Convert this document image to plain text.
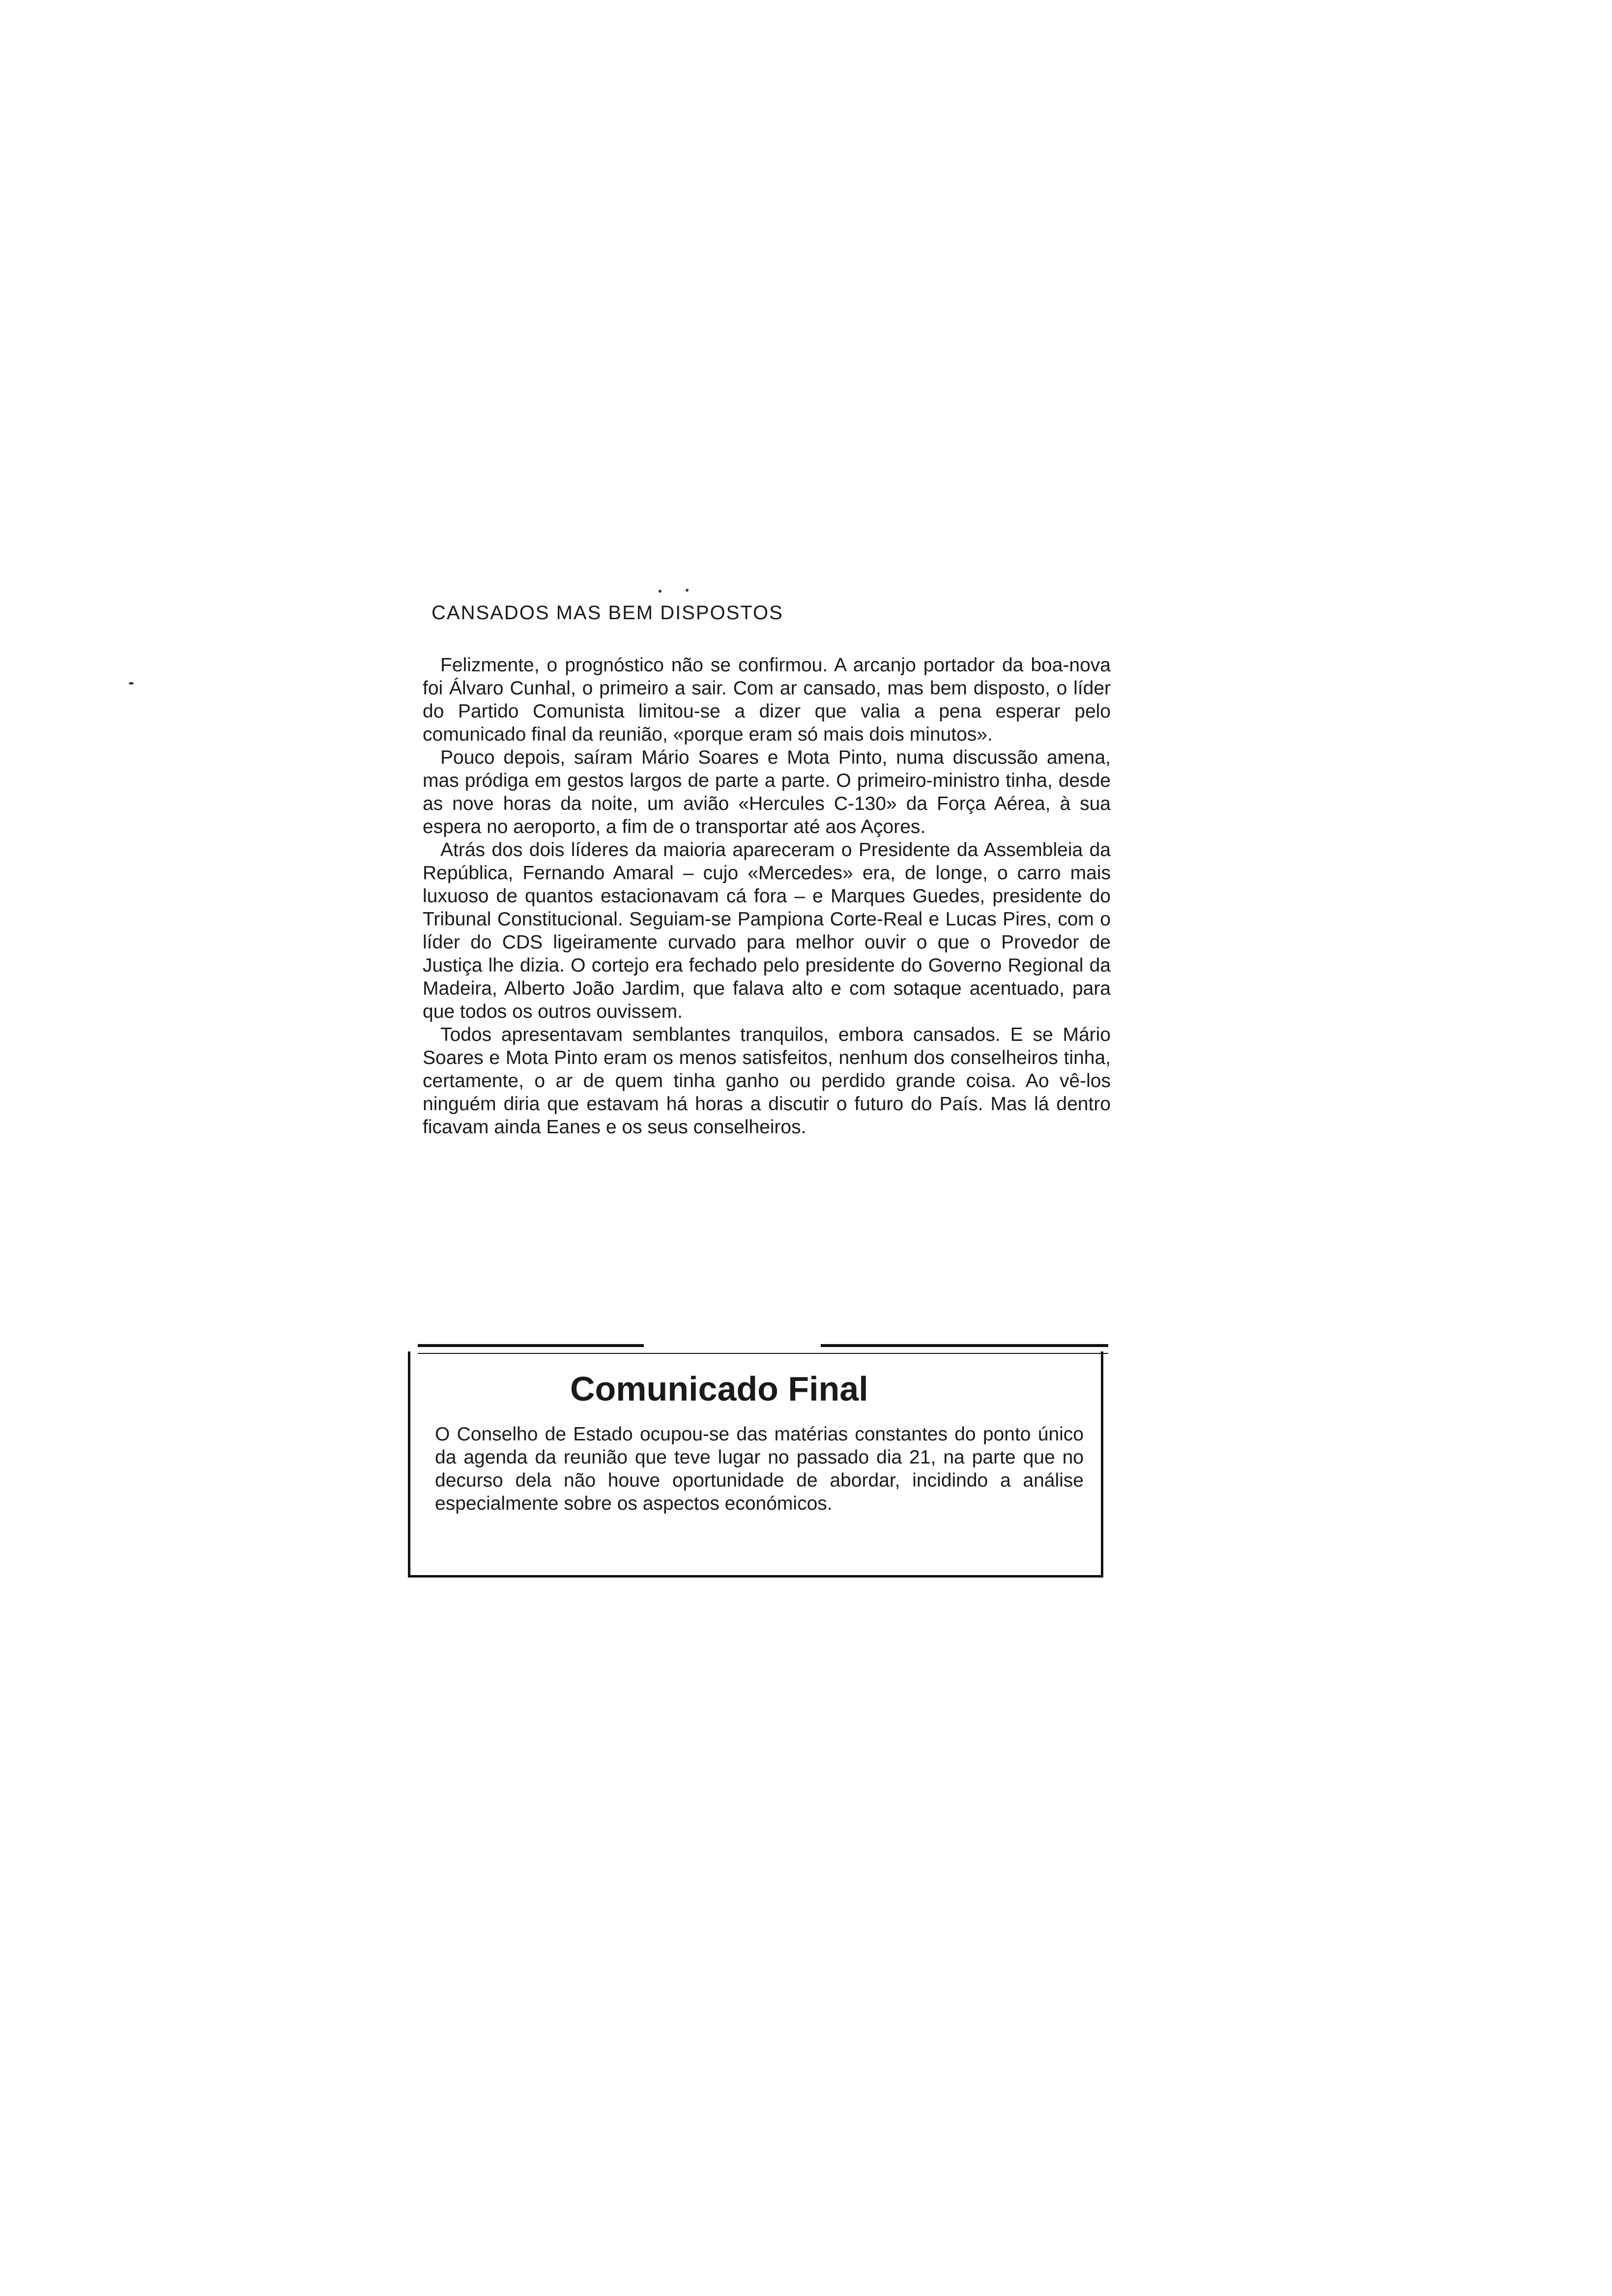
CANSADOS MAS BEM DISPOSTOS

Felizmente, o prognóstico não se confirmou. A arcanjo portador da boa-nova foi Álvaro Cunhal, o primeiro a sair. Com ar cansado, mas bem disposto, o líder do Partido Comunista limitou-se a dizer que valia a pena esperar pelo comunicado final da reunião, «porque eram só mais dois minutos».

Pouco depois, saíram Mário Soares e Mota Pinto, numa discussão amena, mas pródiga em gestos largos de parte a parte. O primeiro-ministro tinha, desde as nove horas da noite, um avião «Hercules C-130» da Força Aérea, à sua espera no aeroporto, a fim de o transportar até aos Açores.

Atrás dos dois líderes da maioria apareceram o Presidente da Assembleia da República, Fernando Amaral – cujo «Mercedes» era, de longe, o carro mais luxuoso de quantos estacionavam cá fora – e Marques Guedes, presidente do Tribunal Constitucional. Seguiam-se Pampiona Corte-Real e Lucas Pires, com o líder do CDS ligeiramente curvado para melhor ouvir o que o Provedor de Justiça lhe dizia. O cortejo era fechado pelo presidente do Governo Regional da Madeira, Alberto João Jardim, que falava alto e com sotaque acentuado, para que todos os outros ouvissem.

Todos apresentavam semblantes tranquilos, embora cansados. E se Mário Soares e Mota Pinto eram os menos satisfeitos, nenhum dos conselheiros tinha, certamente, o ar de quem tinha ganho ou perdido grande coisa. Ao vê-los ninguém diria que estavam há horas a discutir o futuro do País. Mas lá dentro ficavam ainda Eanes e os seus conselheiros.

Comunicado Final

O Conselho de Estado ocupou-se das matérias constantes do ponto único da agenda da reunião que teve lugar no passado dia 21, na parte que no decurso dela não houve oportunidade de abordar, incidindo a análise especialmente sobre os aspectos económicos.
